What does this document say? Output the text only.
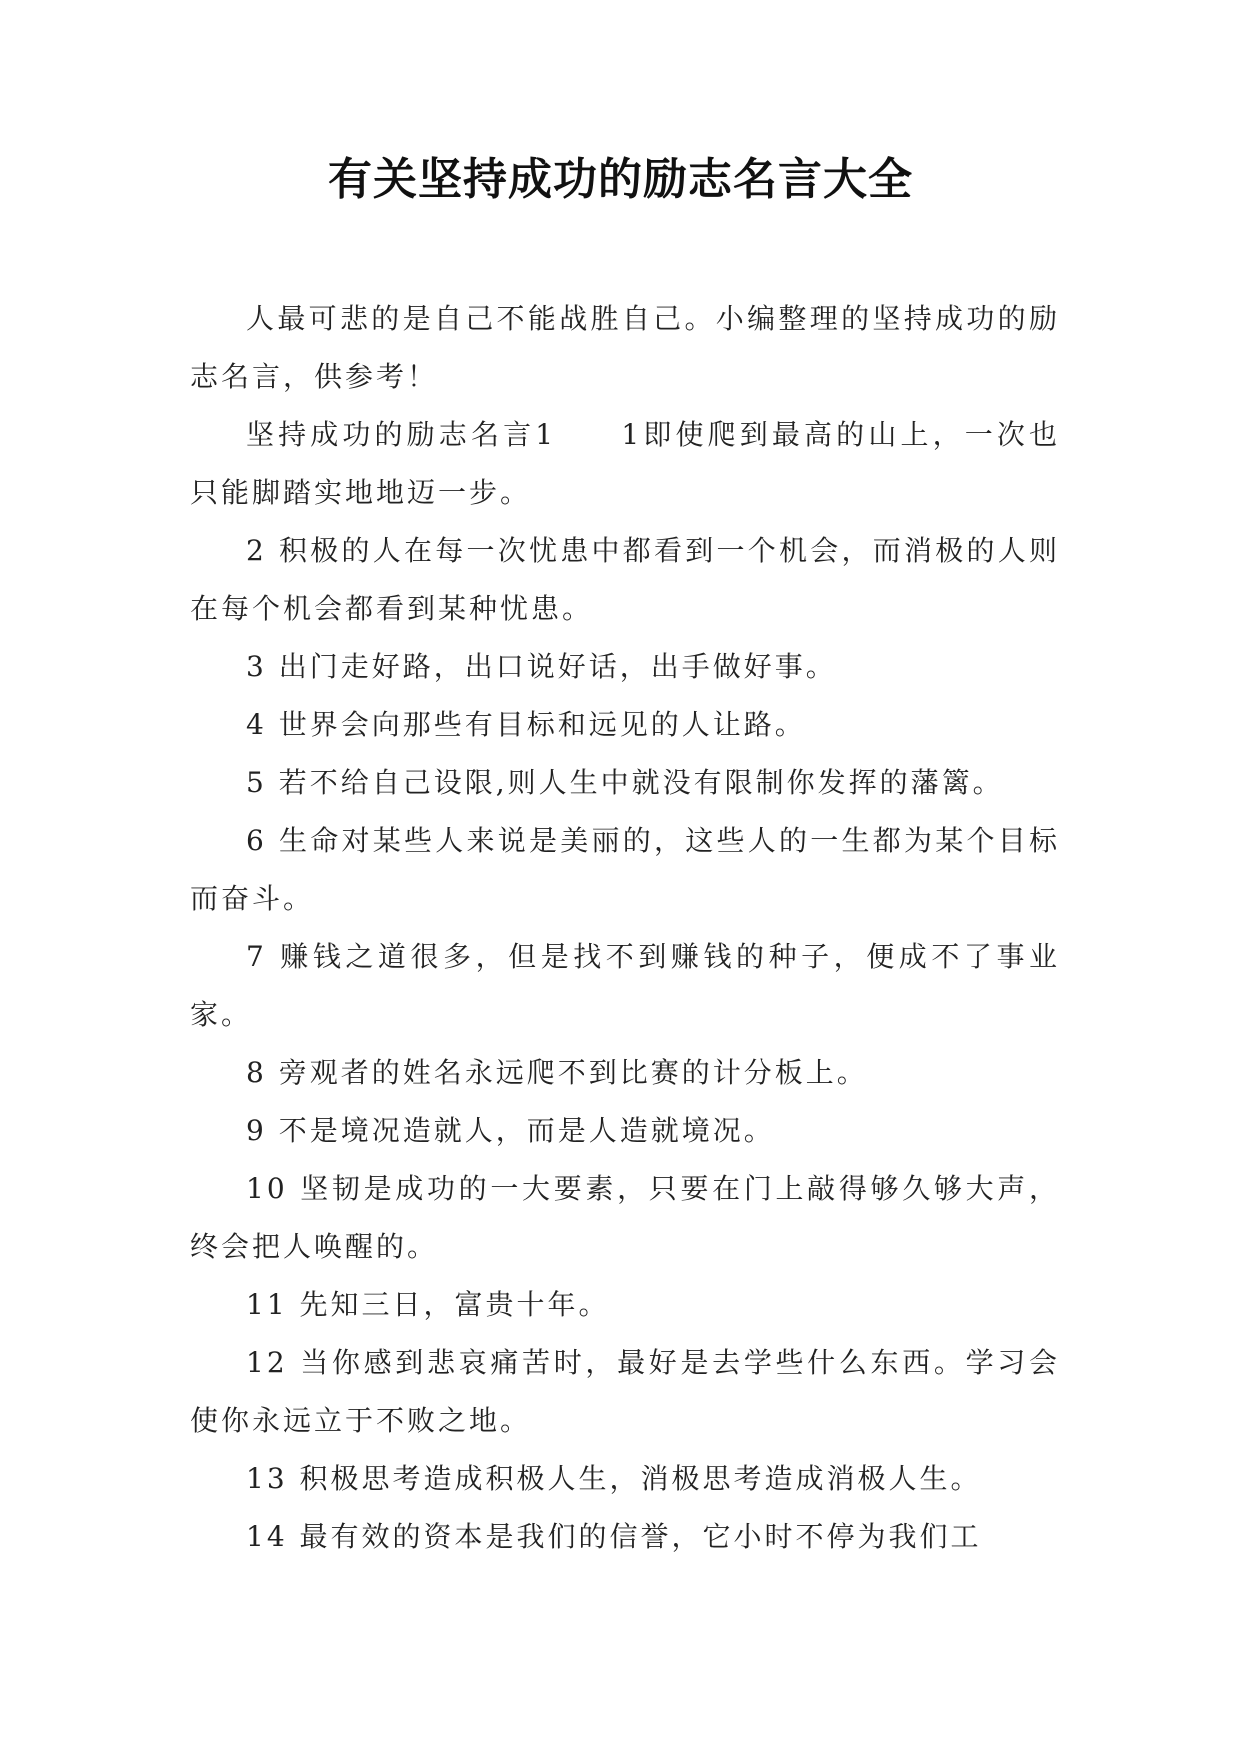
有关坚持成功的励志名言大全

人最可悲的是自己不能战胜自己。小编整理的坚持成功的励志名言，供参考！

坚持成功的励志名言1　　1即使爬到最高的山上，一次也只能脚踏实地地迈一步。

2 积极的人在每一次忧患中都看到一个机会，而消极的人则在每个机会都看到某种忧患。

3 出门走好路，出口说好话，出手做好事。

4 世界会向那些有目标和远见的人让路。

5 若不给自己设限,则人生中就没有限制你发挥的藩篱。

6 生命对某些人来说是美丽的，这些人的一生都为某个目标而奋斗。

7 赚钱之道很多，但是找不到赚钱的种子，便成不了事业家。

8 旁观者的姓名永远爬不到比赛的计分板上。

9 不是境况造就人，而是人造就境况。

10 坚韧是成功的一大要素，只要在门上敲得够久够大声，终会把人唤醒的。

11 先知三日，富贵十年。

12 当你感到悲哀痛苦时，最好是去学些什么东西。学习会使你永远立于不败之地。

13 积极思考造成积极人生，消极思考造成消极人生。

14 最有效的资本是我们的信誉，它小时不停为我们工
